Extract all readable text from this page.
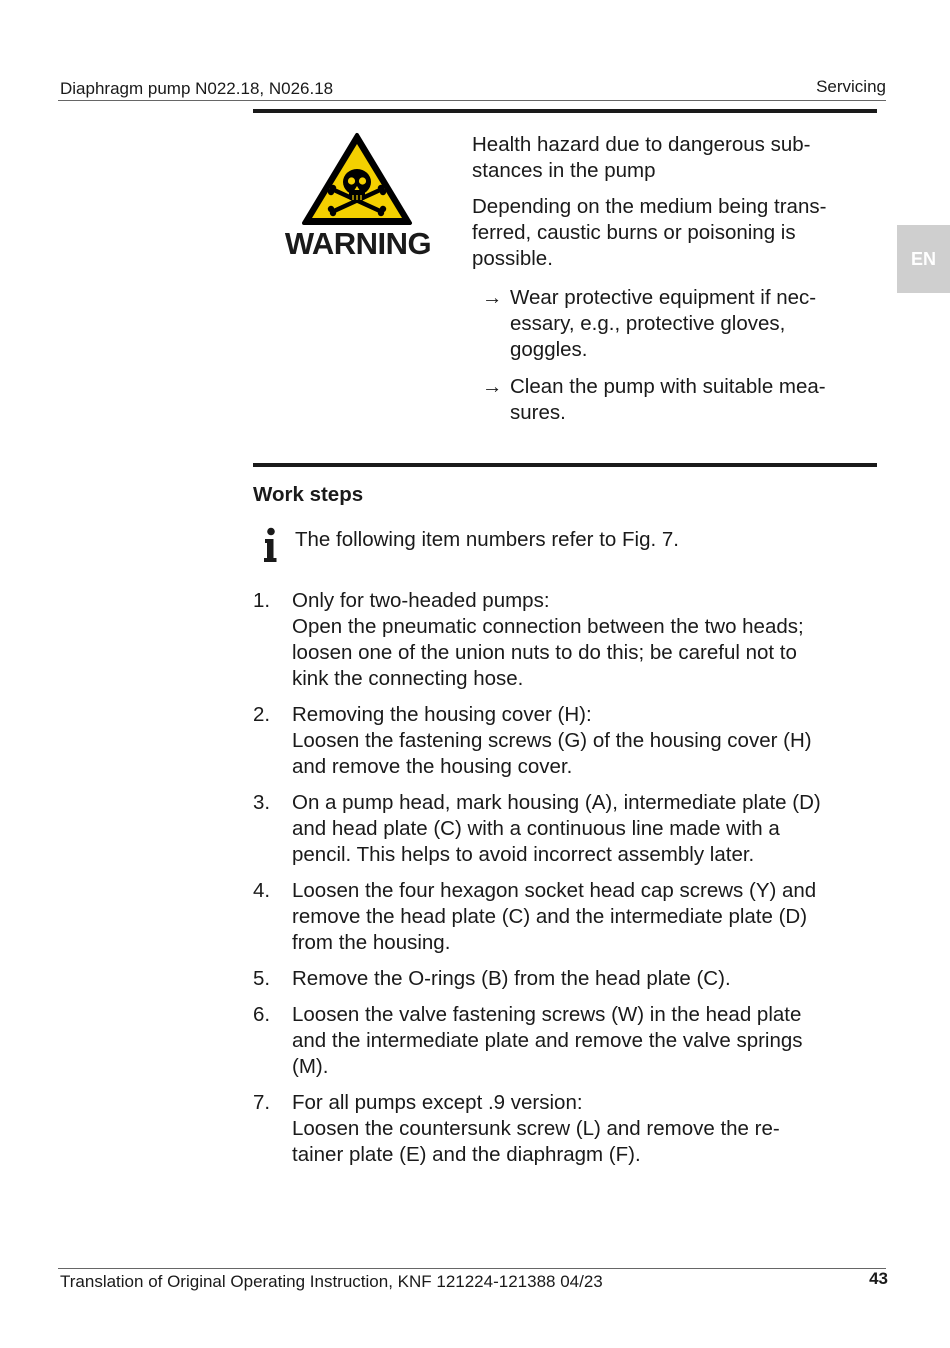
Diaphragm pump N022.18, N026.18	Servicing
EN
WARNING

Health hazard due to dangerous sub-
stances in the pump

Depending on the medium being trans-
ferred, caustic burns or poisoning is
possible.

→ Wear protective equipment if nec-
essary, e.g., protective gloves,
goggles.
→ Clean the pump with suitable mea-
sures.
Work steps
The following item numbers refer to Fig. 7.
1. Only for two-headed pumps:
Open the pneumatic connection between the two heads;
loosen one of the union nuts to do this; be careful not to
kink the connecting hose.
2. Removing the housing cover (H):
Loosen the fastening screws (G) of the housing cover (H)
and remove the housing cover.
3. On a pump head, mark housing (A), intermediate plate (D)
and head plate (C) with a continuous line made with a
pencil. This helps to avoid incorrect assembly later.
4. Loosen the four hexagon socket head cap screws (Y) and
remove the head plate (C) and the intermediate plate (D)
from the housing.
5. Remove the O-rings (B) from the head plate (C).
6. Loosen the valve fastening screws (W) in the head plate
and the intermediate plate and remove the valve springs
(M).
7. For all pumps except .9 version:
Loosen the countersunk screw (L) and remove the re-
tainer plate (E) and the diaphragm (F).
Translation of Original Operating Instruction, KNF 121224-121388 04/23	43
